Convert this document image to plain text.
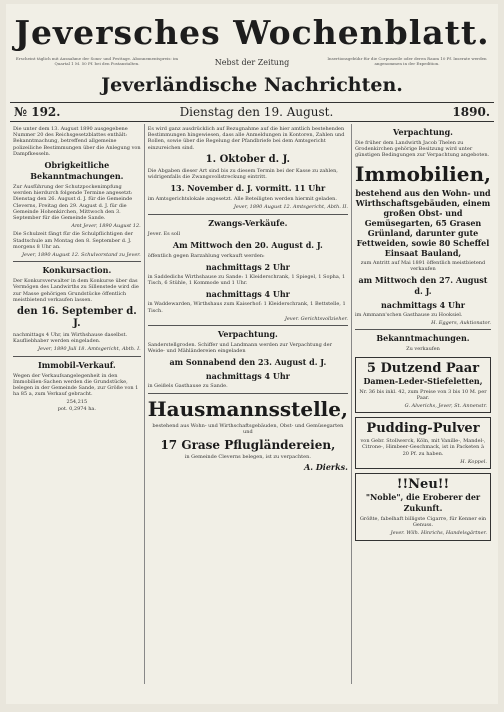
Jeversches Wochenblatt.
Erscheint täglich mit Ausnahme der Sonn- und Festtage. Abonnementspreis: im Quartal 1 M. 50 Pf. bei den Postanstalten.	Nebst der Zeitung	Insertionsgebühr für die Corpuszeile oder deren Raum 10 Pf. Inserate werden angenommen in der Expedition.
Jeverländische Nachrichten.
№ 192.	Dienstag den 19. August.	1890.

Die unter dem 13. August 1890 ausgegebene Nummer 20 des Reichsgesetzblattes enthält: Bekanntmachung, betreffend allgemeine polizeiliche Bestimmungen über die Anlegung von Dampfkesseln.

Obrigkeitliche Bekanntmachungen.

Zur Ausführung der Schutzpockenimpfung werden hierdurch folgende Termine angesetzt: Dienstag den 26. August d. J. für die Gemeinde Cleverns, Freitag den 29. August d. J. für die Gemeinde Hohenkirchen, Mittwoch den 3. September für die Gemeinde Sande.

Amt Jever, 1890 August 12.

Die Schulzeit fängt für die Schulpflichtigen der Stadtschule am Montag den 8. September d. J. morgens 8 Uhr an.

Jever, 1890 August 12. Schulvorstand zu Jever.
Konkursaction.

Der Konkursverwalter in dem Konkurse über das Vermögen des Landwirths zu Sillenstede wird die zur Masse gehörigen Grundstücke öffentlich meistbietend verkaufen lassen.

den 16. September d. J.

nachmittags 4 Uhr, im Wirthshause daselbst. Kaufliebhaber werden eingeladen.

Jever, 1890 Juli 18. Amtsgericht, Abth. I.
Immobil-Verkauf.

Wegen der Verkaufsangelegenheit in den Immobilien-Sachen werden die Grundstücke, belegen in der Gemeinde Sande, zur Größe von 1 ha 85 a, zum Verkauf gebracht.

254,215
pot. 0,2974 ha.

Es wird ganz ausdrücklich auf Bezugnahme auf die hier amtlich bestehenden Bestimmungen hingewiesen, dass alle Anmeldungen in Kontoren, Zahlen und Rollen, sowie über die Regelung der Pfandbriefe bei dem Amtsgericht einzureichen sind.

1. Oktober d. J.

Die Abgaben dieser Art sind bis zu diesem Termin bei der Kasse zu zahlen, widrigenfalls die Zwangsvollstreckung eintritt.

13. November d. J. vormitt. 11 Uhr

im Amtsgerichtslokale angesetzt. Alle Beteiligten werden hiermit geladen.

Jever, 1890 August 12. Amtsgericht, Abth. II.
Zwangs-Verkäufe.

Jever. Es soll

Am Mittwoch den 20. August d. J.

öffentlich gegen Barzahlung verkauft werden:

nachmittags 2 Uhr

in Saddedichs Wirthshause zu Sande: 1 Kleiderschrank, 1 Spiegel, 1 Sopha, 1 Tisch, 6 Stühle, 1 Kommode und 1 Uhr.

nachmittags 4 Uhr

in Waddewarden, Wirthshaus zum Kaiserhof: 1 Kleiderschrank, 1 Bettstelle, 1 Tisch.

Jever. Gerichtsvollzieher.
Verpachtung.

Sanderstellgroden. Schiffer und Landmann werden zur Verpachtung der Weide- und Mähländereien eingeladen

am Sonnabend den 23. August d. J.
nachmittags 4 Uhr

in Geißels Gasthause zu Sande.

Hausmannsstelle,

bestehend aus Wohn- und Wirthschaftsgebäuden, Obst- und Gemüsegarten und

17 Grase Pflugländereien,

in Gemeinde Cleverns belegen, ist zu verpachten.

A. Dierks.
Verpachtung.

Die früher dem Landwirth Jacob Thelen zu Grodenkirchen gehörige Besitzung wird unter günstigen Bedingungen zur Verpachtung angeboten.

Immobilien,

bestehend aus den Wohn- und Wirthschaftsgebäuden, einem großen Obst- und Gemüsegarten, 65 Grasen Grünland, darunter gute Fettweiden, sowie 80 Scheffel Einsaat Bauland,

zum Antritt auf Mai 1891 öffentlich meistbietend verkaufen

am Mittwoch den 27. August d. J.
nachmittags 4 Uhr

im Ammann'schen Gasthause zu Hooksiel.

H. Eggers, Auktionator.
Bekanntmachungen.

Zu verkaufen

5 Dutzend Paar
Damen-Leder-Stiefeletten,

Nr. 36 bis inkl. 42, zum Preise von 3 bis 10 M. per Paar.

G. Alverichs, Jever, St. Annenstr.
Pudding-Pulver

von Gebr. Stollwerck, Köln, mit Vanille-, Mandel-, Citrone-, Himbeer-Geschmack, ist in Packeten à 20 Pf. zu haben.

H. Koppel.
!!Neu!!
"Noble", die Eroberer der Zukunft.

Größte, fabelhaft billigste Cigarre, für Kenner ein Genuss.

Jever. Wilh. Hinrichs, Handelsgärtner.
